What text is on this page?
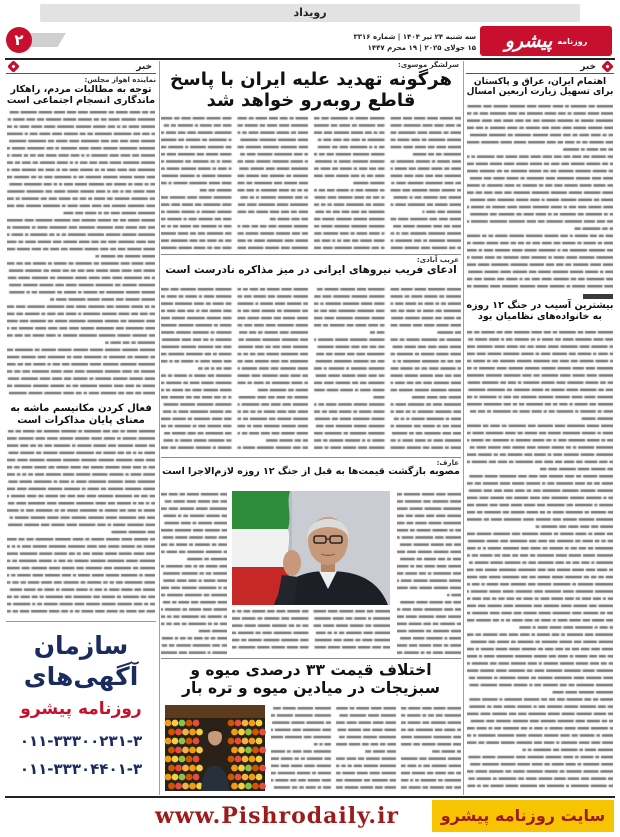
رویداد
۲	سه شنبه ۲۴ تیر ۱۴۰۴ | شماره ۳۳۱۶
۱۵ جولای ۲۰۲۵ | ۱۹ محرم ۱۴۴۷
روزنامه
پیشرو
خبر
اهتمام ایران، عراق و پاکستان برای تسهیل زیارت اربعین امسال
بیشترین آسیب در جنگ ۱۲ روزه به خانواده‌های نظامیان بود
خبر
نماینده اهواز مجلس:
توجه به مطالبات مردم، راهکار ماندگاری انسجام اجتماعی است
فعال کردن مکانیسم ماشه به معنای پایان مذاکرات است
سازمان
آگهی‌های
روزنامه پیشرو
۰۱۱-۳۳۳۰۰۲۳۱-۳
۰۱۱-۳۳۳۰۴۴۰۱-۳
سرلشگر موسوی:
هرگونه تهدید علیه ایران با پاسخ قاطع روبه‌رو خواهد شد
غریب آبادی:
ادعای فریب نیروهای ایرانی در میز مذاکره نادرست است
عارف:
مصوبه بازگشت قیمت‌ها به قبل از جنگ ۱۲ روزه لازم‌الاجرا است
اختلاف قیمت ۳۳ درصدی میوه و سبزیجات در میادین میوه و تره بار
www.Pishrodaily.ir	سایت روزنامه پیشرو
